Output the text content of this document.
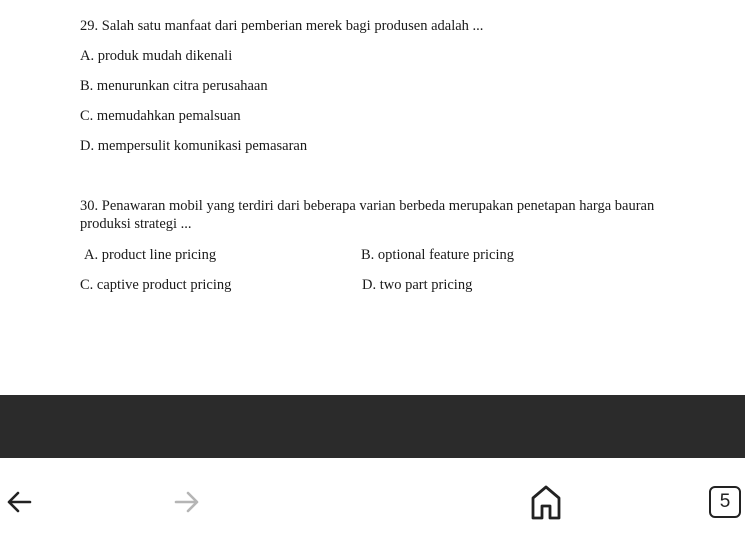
29. Salah satu manfaat dari pemberian merek bagi produsen adalah ...
A. produk mudah dikenali
B. menurunkan citra perusahaan
C. memudahkan pemalsuan
D. mempersulit komunikasi pemasaran
30. Penawaran mobil yang terdiri dari beberapa varian berbeda merupakan penetapan harga bauran produksi strategi ...
A. product line pricing	B. optional feature pricing
C. captive product pricing	D. two part pricing
5
